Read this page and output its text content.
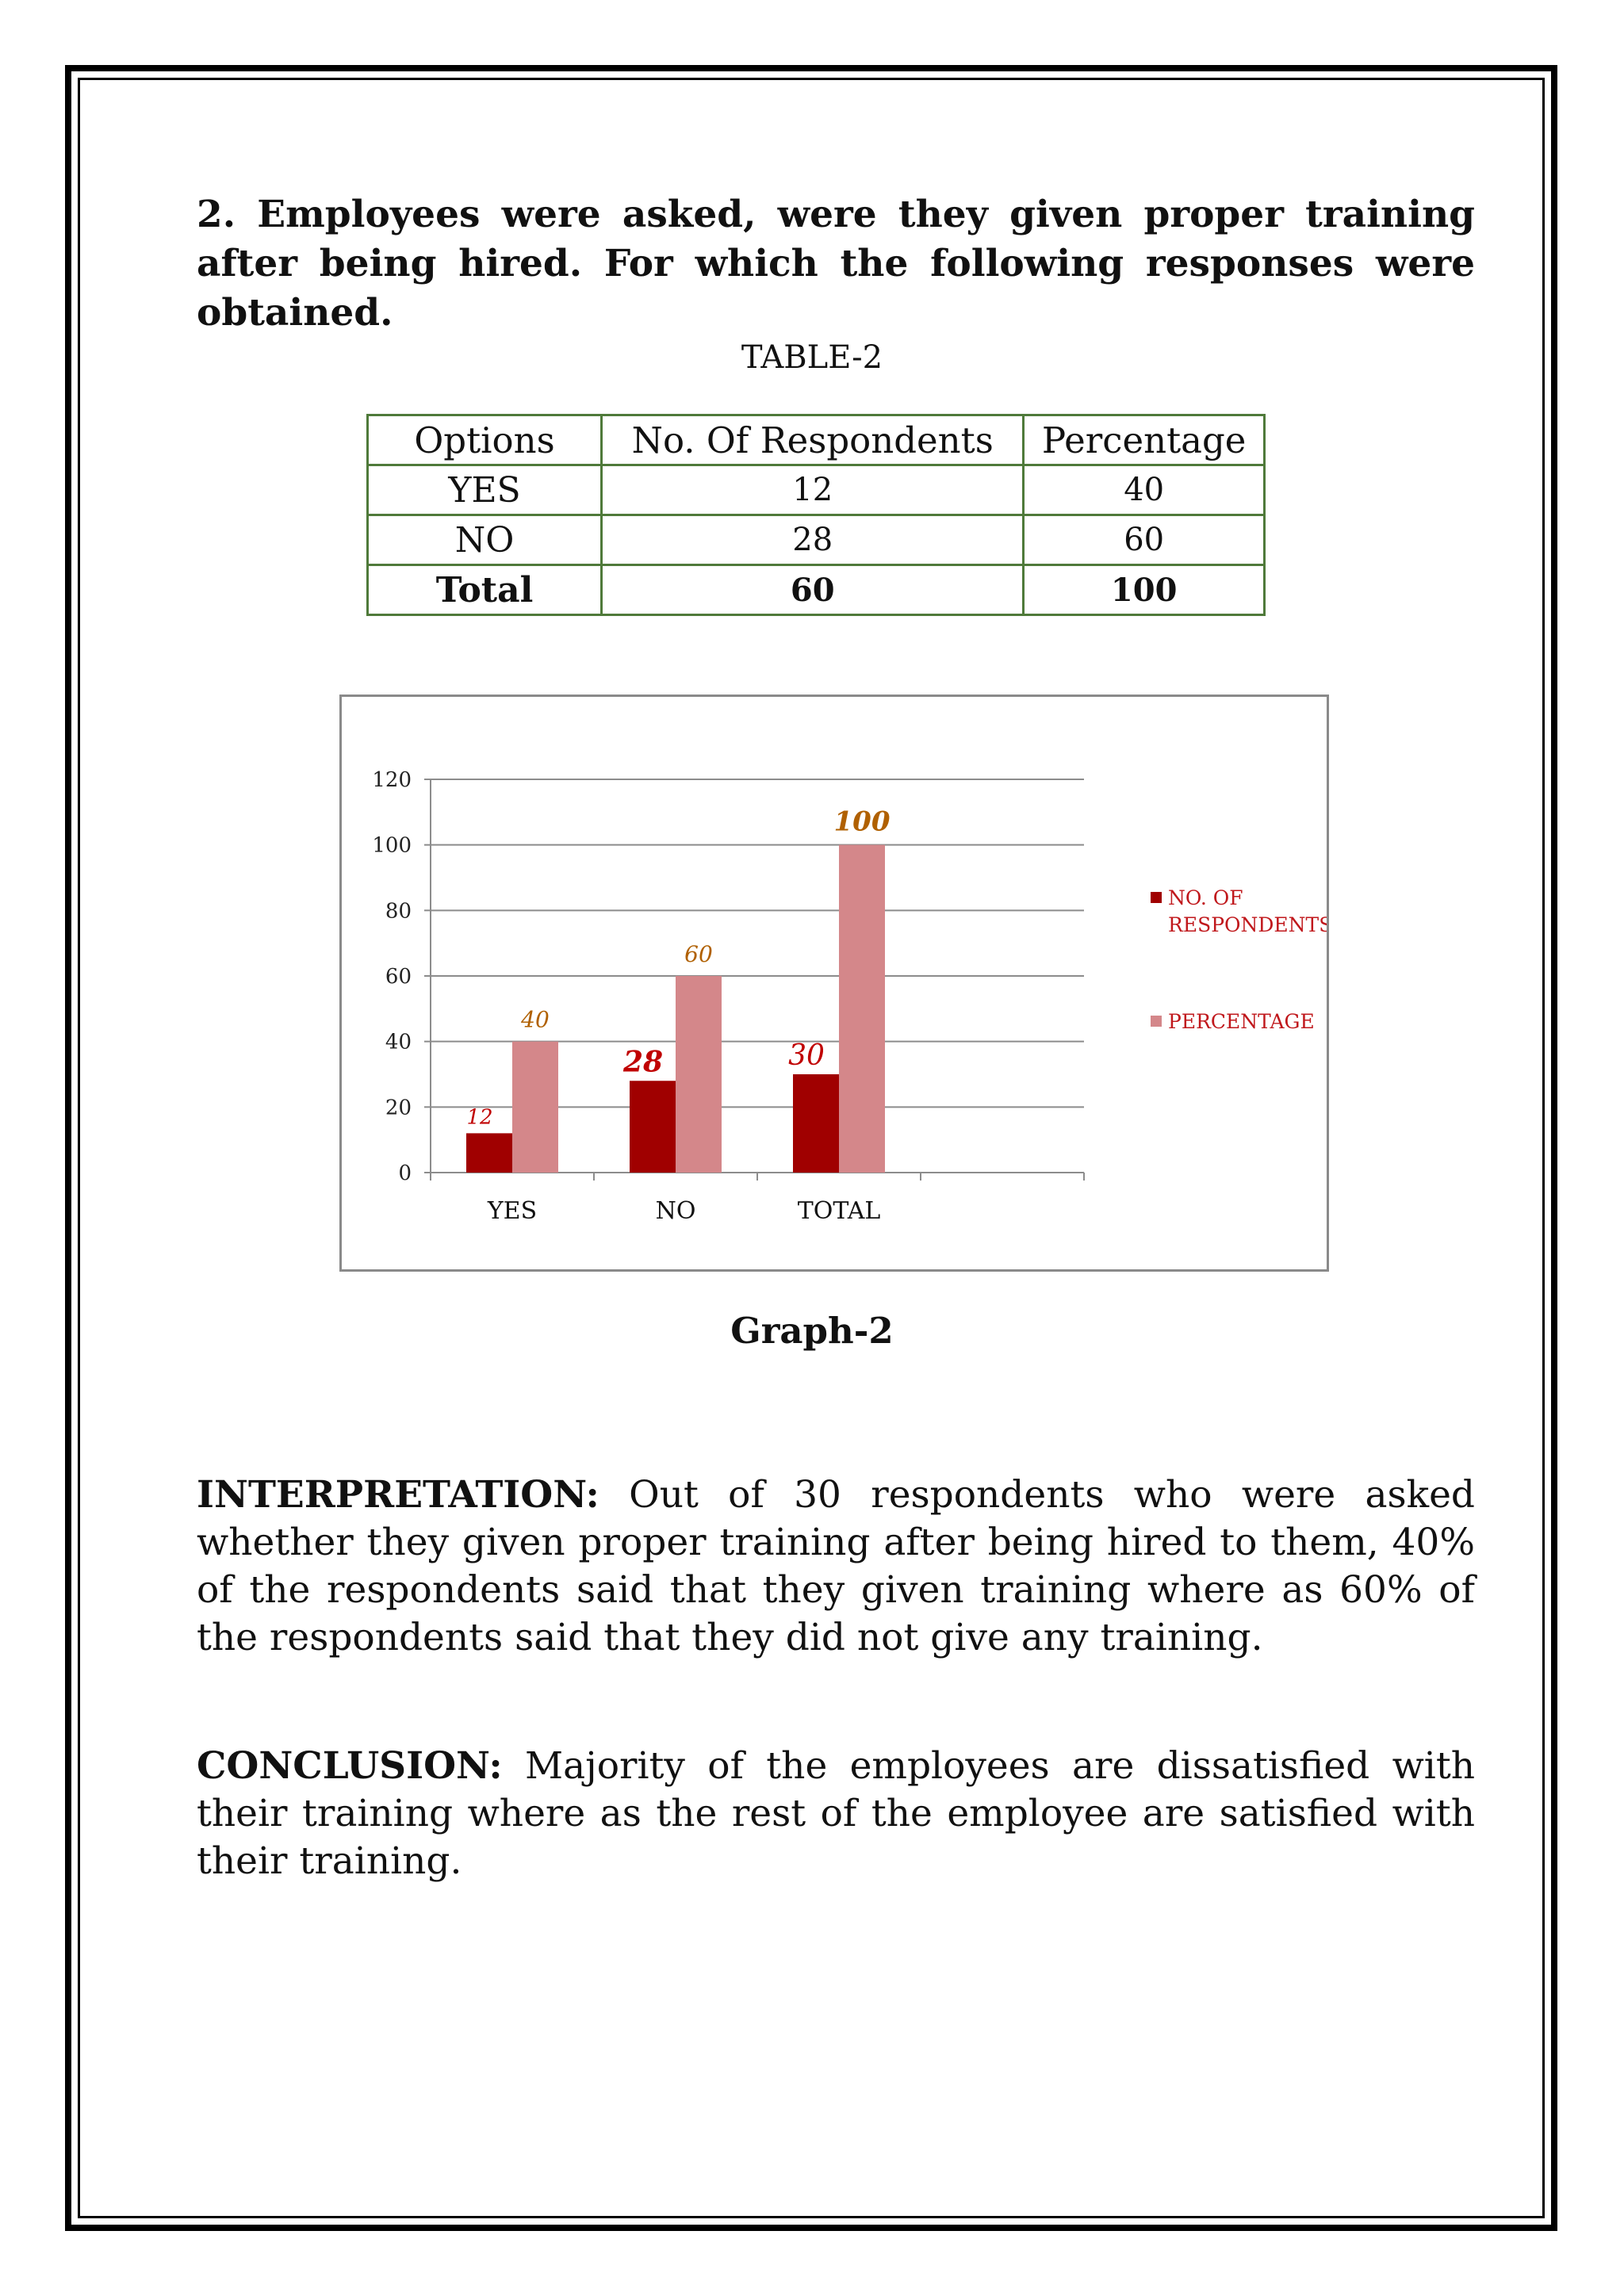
2. Employees were asked, were they given proper training after being hired. For which the following responses were obtained.
TABLE-2
Options	No. Of Respondents	Percentage
YES	12	40
NO	28	60
Total	60	100
0
20
40
60
80
100
120
12
40
YES
28
60
NO
30
100
TOTAL
NO. OF
RESPONDENTS
PERCENTAGE
Graph-2
INTERPRETATION: Out of 30 respondents who were asked whether they given proper training after being hired to them, 40% of the respondents said that they given training where as 60% of the respondents said that they did not give any training.
CONCLUSION: Majority of the employees are dissatisfied with their training where as the rest of the employee are satisfied with their training.
